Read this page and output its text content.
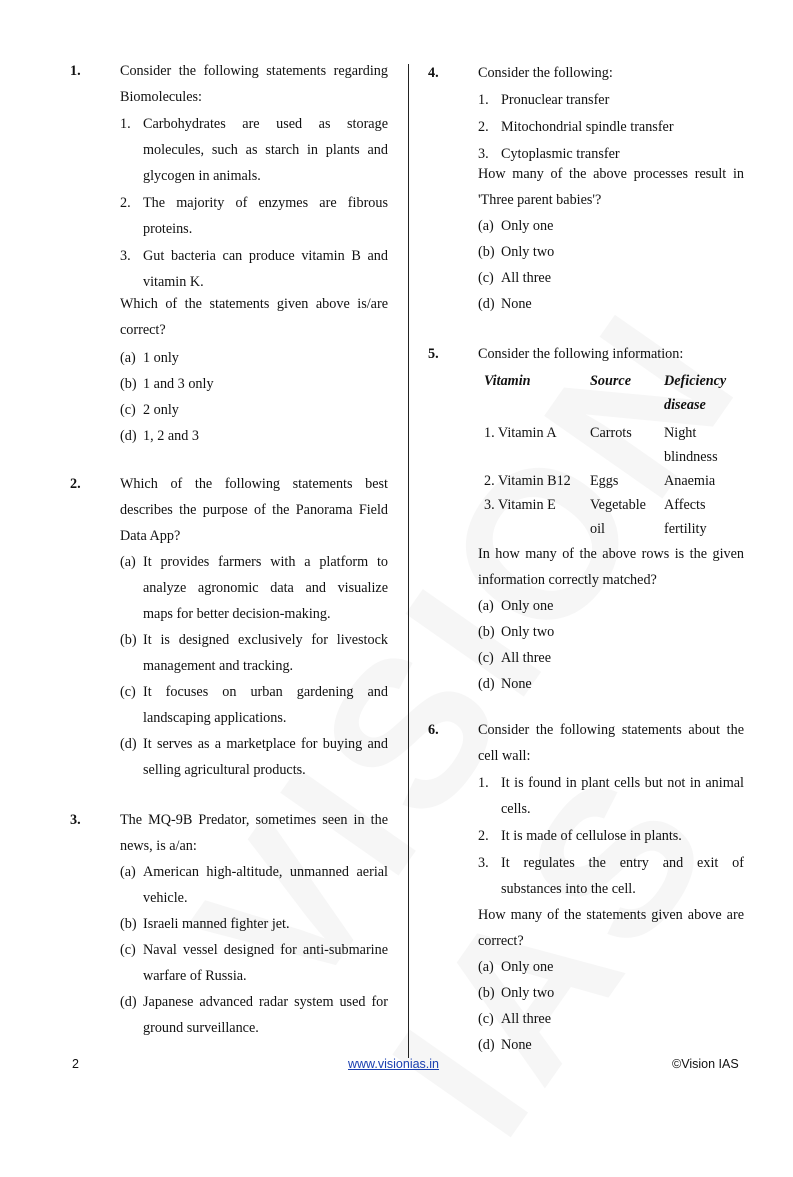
1.	Consider the following statements regarding Biomolecules:
1. Carbohydrates are used as storage molecules, such as starch in plants and glycogen in animals.
2. The majority of enzymes are fibrous proteins.
3. Gut bacteria can produce vitamin B and vitamin K.
Which of the statements given above is/are correct?
(a) 1 only
(b) 1 and 3 only
(c) 2 only
(d) 1, 2 and 3
2.	Which of the following statements best describes the purpose of the Panorama Field Data App?
(a) It provides farmers with a platform to analyze agronomic data and visualize maps for better decision-making.
(b) It is designed exclusively for livestock management and tracking.
(c) It focuses on urban gardening and landscaping applications.
(d) It serves as a marketplace for buying and selling agricultural products.
3.	The MQ-9B Predator, sometimes seen in the news, is a/an:
(a) American high-altitude, unmanned aerial vehicle.
(b) Israeli manned fighter jet.
(c) Naval vessel designed for anti-submarine warfare of Russia.
(d) Japanese advanced radar system used for ground surveillance.
4.	Consider the following:
1. Pronuclear transfer
2. Mitochondrial spindle transfer
3. Cytoplasmic transfer
How many of the above processes result in 'Three parent babies'?
(a) Only one
(b) Only two
(c) All three
(d) None
5.	Consider the following information:
Vitamin	Source	Deficiency disease
1. Vitamin A	Carrots	Night blindness
2. Vitamin B12	Eggs	Anaemia
3. Vitamin E	Vegetable oil	Affects fertility
In how many of the above rows is the given information correctly matched?
(a) Only one
(b) Only two
(c) All three
(d) None
6.	Consider the following statements about the cell wall:
1. It is found in plant cells but not in animal cells.
2. It is made of cellulose in plants.
3. It regulates the entry and exit of substances into the cell.
How many of the statements given above are correct?
(a) Only one
(b) Only two
(c) All three
(d) None
2	www.visionias.in	©Vision IAS
